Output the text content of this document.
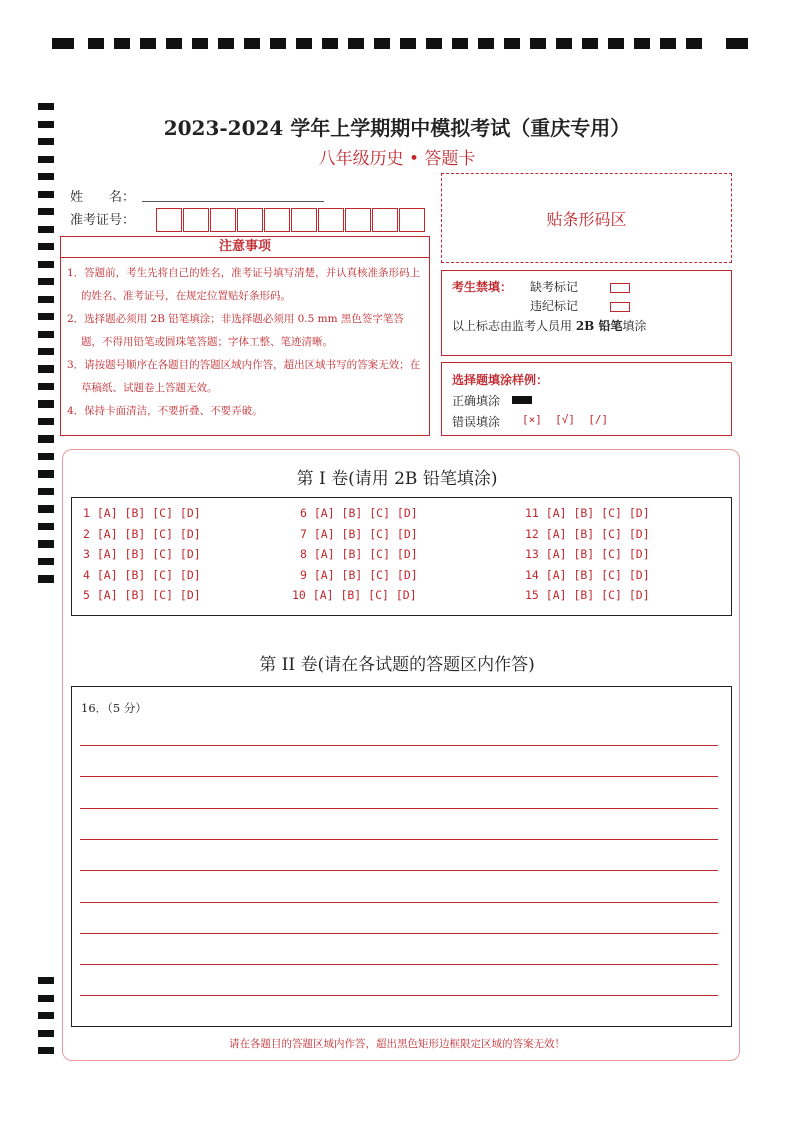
2023-2024 学年上学期期中模拟考试（重庆专用）
八年级历史 • 答题卡
姓　　名：
准考证号：	贴条形码区
注意事项

1．答题前，考生先将自己的姓名，准考证号填写清楚，并认真核准条形码上的姓名、准考证号，在规定位置贴好条形码。

2．选择题必须用 2B 铅笔填涂；非选择题必须用 0.5 mm 黑色签字笔答题，不得用铅笔或圆珠笔答题；字体工整、笔迹清晰。

3．请按题号顺序在各题目的答题区域内作答，超出区域书写的答案无效；在草稿纸、试题卷上答题无效。

4．保持卡面清洁，不要折叠、不要弄破。

考生禁填： 缺考标记
违纪标记
以上标志由监考人员用 2B 铅笔填涂
选择题填涂样例：
正确填涂
错误填涂 [×]  [√]  [/]
第 I 卷(请用 2B 铅笔填涂)
1 [A] [B] [C] [D]
2 [A] [B] [C] [D]
3 [A] [B] [C] [D]
4 [A] [B] [C] [D]
5 [A] [B] [C] [D]
6 [A] [B] [C] [D]
7 [A] [B] [C] [D]
8 [A] [B] [C] [D]
9 [A] [B] [C] [D]
10 [A] [B] [C] [D]
11 [A] [B] [C] [D]
12 [A] [B] [C] [D]
13 [A] [B] [C] [D]
14 [A] [B] [C] [D]
15 [A] [B] [C] [D]
第 II 卷(请在各试题的答题区内作答)
16．（5 分）
请在各题目的答题区域内作答，超出黑色矩形边框限定区域的答案无效！
